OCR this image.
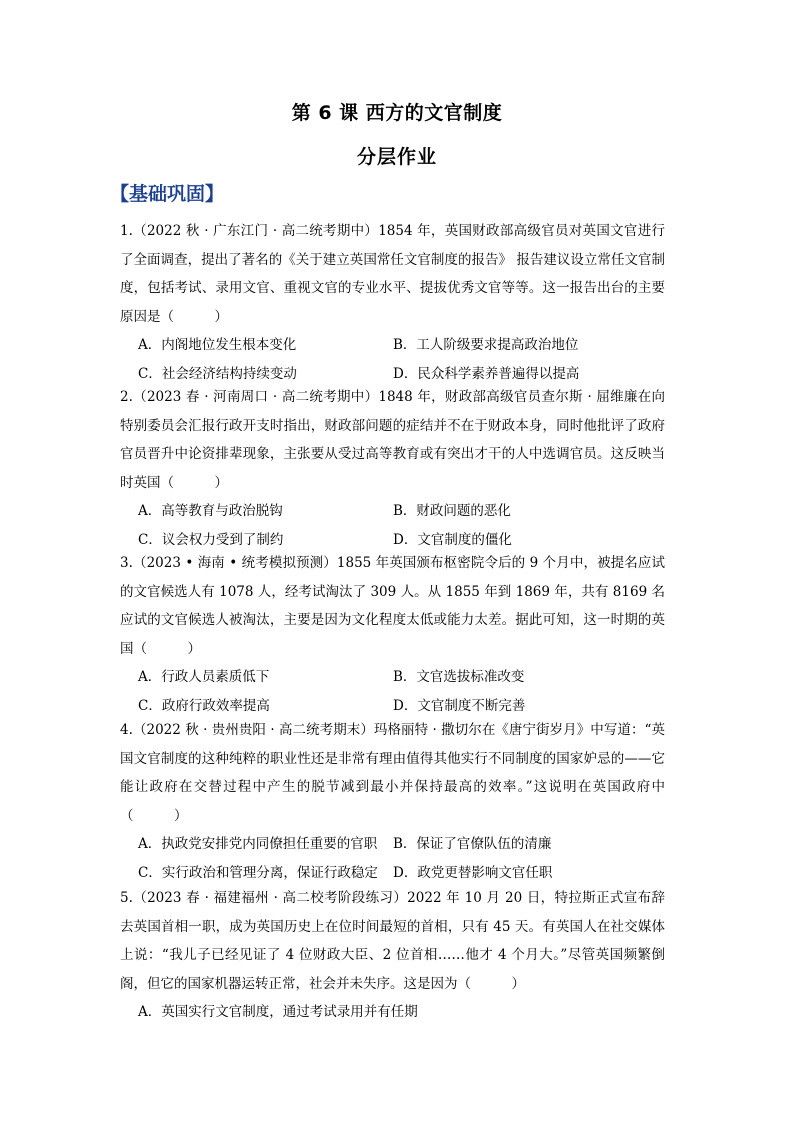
第 6 课 西方的文官制度
分层作业
【基础巩固】

1.（2022 秋 · 广东江门 · 高二统考期中）1854 年，英国财政部高级官员对英国文官进行了全面调查，提出了著名的《关于建立英国常任文官制度的报告》 报告建议设立常任文官制度，包括考试、录用文官、重视文官的专业水平、提拔优秀文官等等。这一报告出台的主要原因是（　　　）

A．内阁地位发生根本变化	B．工人阶级要求提高政治地位
C．社会经济结构持续变动	D．民众科学素养普遍得以提高

2.（2023 春 · 河南周口 · 高二统考期中）1848 年，财政部高级官员查尔斯 · 屈维廉在向特别委员会汇报行政开支时指出，财政部问题的症结并不在于财政本身，同时他批评了政府官员晋升中论资排辈现象，主张要从受过高等教育或有突出才干的人中选调官员。这反映当时英国（　　　）

A．高等教育与政治脱钩	B．财政问题的恶化
C．议会权力受到了制约	D．文官制度的僵化

3.（2023 • 海南 • 统考模拟预测）1855 年英国颁布枢密院令后的 9 个月中，被提名应试的文官候选人有 1078 人，经考试淘汰了 309 人。从 1855 年到 1869 年，共有 8169 名应试的文官候选人被淘汰，主要是因为文化程度太低或能力太差。据此可知，这一时期的英国（　　　）

A．行政人员素质低下	B．文官选拔标准改变
C．政府行政效率提高	D．文官制度不断完善

4.（2022 秋 · 贵州贵阳 · 高二统考期末）玛格丽特 · 撒切尔在《唐宁街岁月》中写道：“英国文官制度的这种纯粹的职业性还是非常有理由值得其他实行不同制度的国家妒忌的——它能让政府在交替过程中产生的脱节减到最小并保持最高的效率。”这说明在英国政府中（　　　）

A．执政党安排党内同僚担任重要的官职	B．保证了官僚队伍的清廉
C．实行政治和管理分离，保证行政稳定	D．政党更替影响文官任职

5.（2023 春 · 福建福州 · 高二校考阶段练习）2022 年 10 月 20 日，特拉斯正式宣布辞去英国首相一职，成为英国历史上在位时间最短的首相，只有 45 天。有英国人在社交媒体上说：“我儿子已经见证了 4 位财政大臣、2 位首相……他才 4 个月大。”尽管英国频繁倒阁，但它的国家机器运转正常，社会并未失序。这是因为（　　　）

A．英国实行文官制度，通过考试录用并有任期
